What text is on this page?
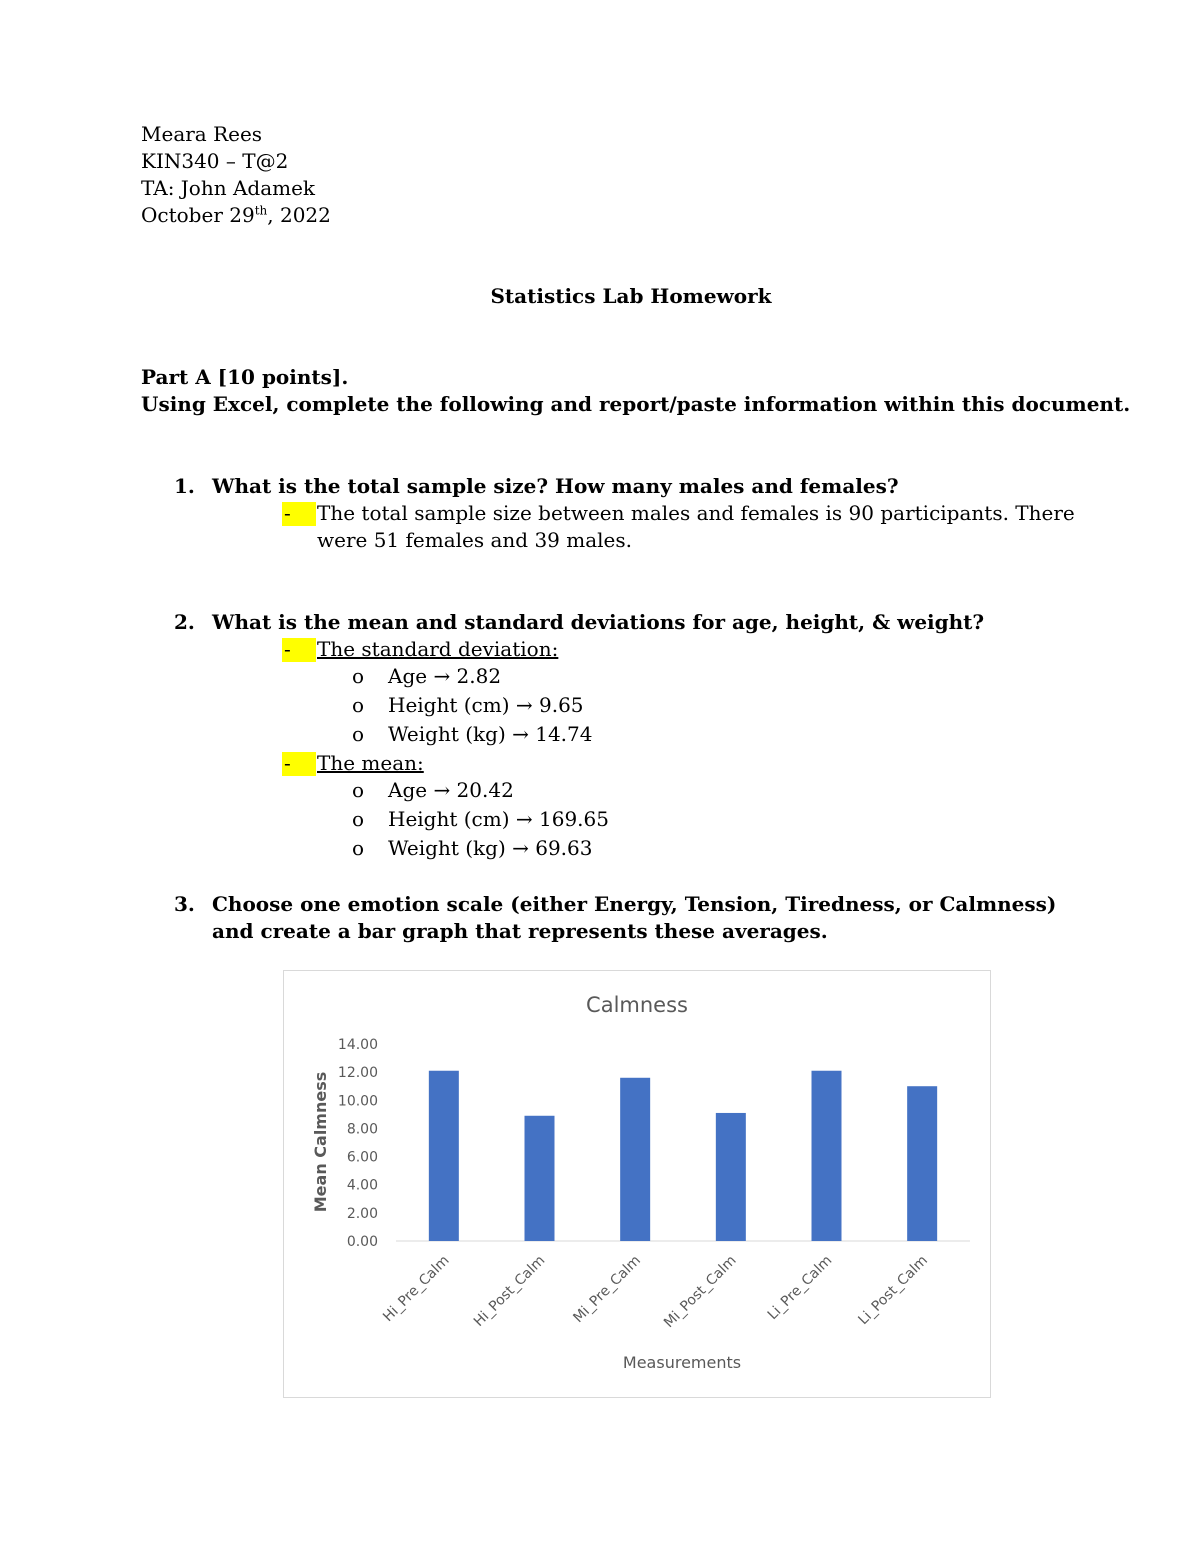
Meara Rees
KIN340 – T@2
TA: John Adamek
October 29th, 2022
Statistics Lab Homework
Part A [10 points].
Using Excel, complete the following and report/paste information within this document.
1. What is the total sample size? How many males and females?
- The total sample size between males and females is 90 participants. There were 51 females and 39 males.
2. What is the mean and standard deviations for age, height, & weight?
- The standard deviation:
o Age → 2.82
o Height (cm) → 9.65
o Weight (kg) → 14.74
- The mean:
o Age → 20.42
o Height (cm) → 169.65
o Weight (kg) → 69.63
3. Choose one emotion scale (either Energy, Tension, Tiredness, or Calmness) and create a bar graph that represents these averages.
Calmness
0.00
2.00
4.00
6.00
8.00
10.00
12.00
14.00
Hi_Pre_Calm Hi_Post_Calm Mi_Pre_Calm Mi_Post_Calm Li_Pre_Calm Li_Post_Calm
Measurements
Mean Calmness
